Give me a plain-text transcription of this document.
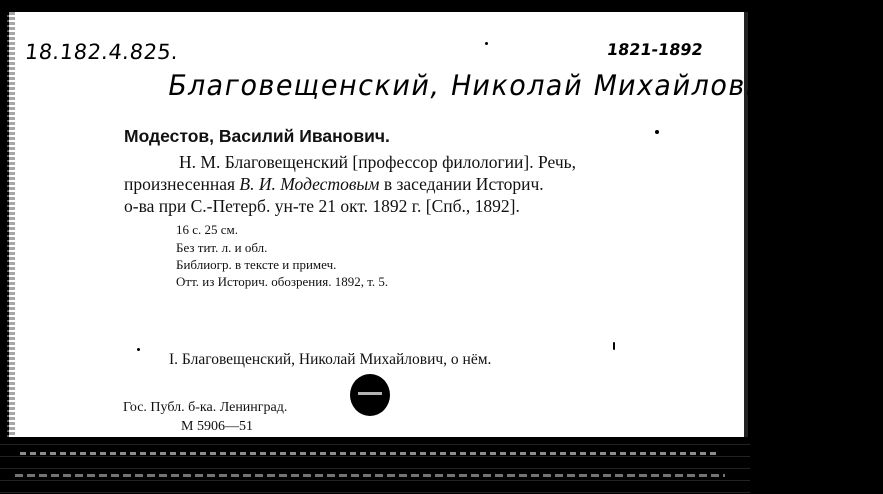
18.182.4.825.	1821-1892
Благовещенский, Николай Михайлович о нём
Модестов, Василий Иванович.
Н. М. Благовещенский [профессор филологии]. Речь,
произнесенная В. И. Модестовым в заседании Историч.
о-ва при С.-Петерб. ун-те 21 окт. 1892 г. [Спб., 1892].
16 с. 25 см.
Без тит. л. и обл.
Библиогр. в тексте и примеч.
Отт. из Историч. обозрения. 1892, т. 5.
I. Благовещенский, Николай Михайлович, о нём.
Гос. Публ. б-ка. Ленинград.
М 5906—51
